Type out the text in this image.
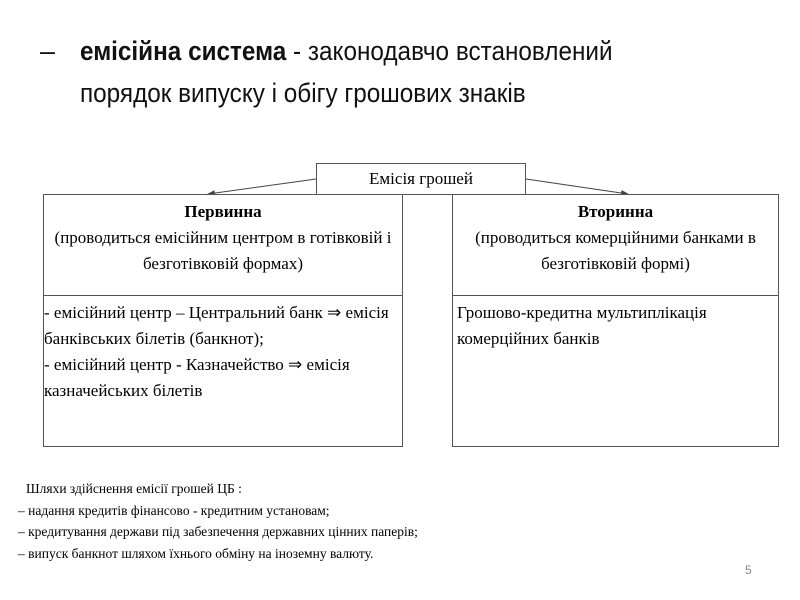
– емісійна система - законодавчо встановлений порядок випуску і обігу грошових знаків
Емісія грошей
Первинна
(проводиться емісійним центром в готівковій і безготівковій формах)
- емісійний центр – Центральний банк ⇒ емісія банківських білетів (банкнот);
- емісійний центр - Казначейство ⇒ емісія казначейських білетів
Вторинна
(проводиться комерційними банками в безготівковій формі)
Грошово-кредитна мультиплікація комерційних банків
Шляхи здійснення емісії грошей ЦБ :
– надання кредитів фінансово - кредитним установам;
– кредитування держави під забезпечення державних цінних паперів;
– випуск банкнот шляхом їхнього обміну на іноземну валюту.
5
